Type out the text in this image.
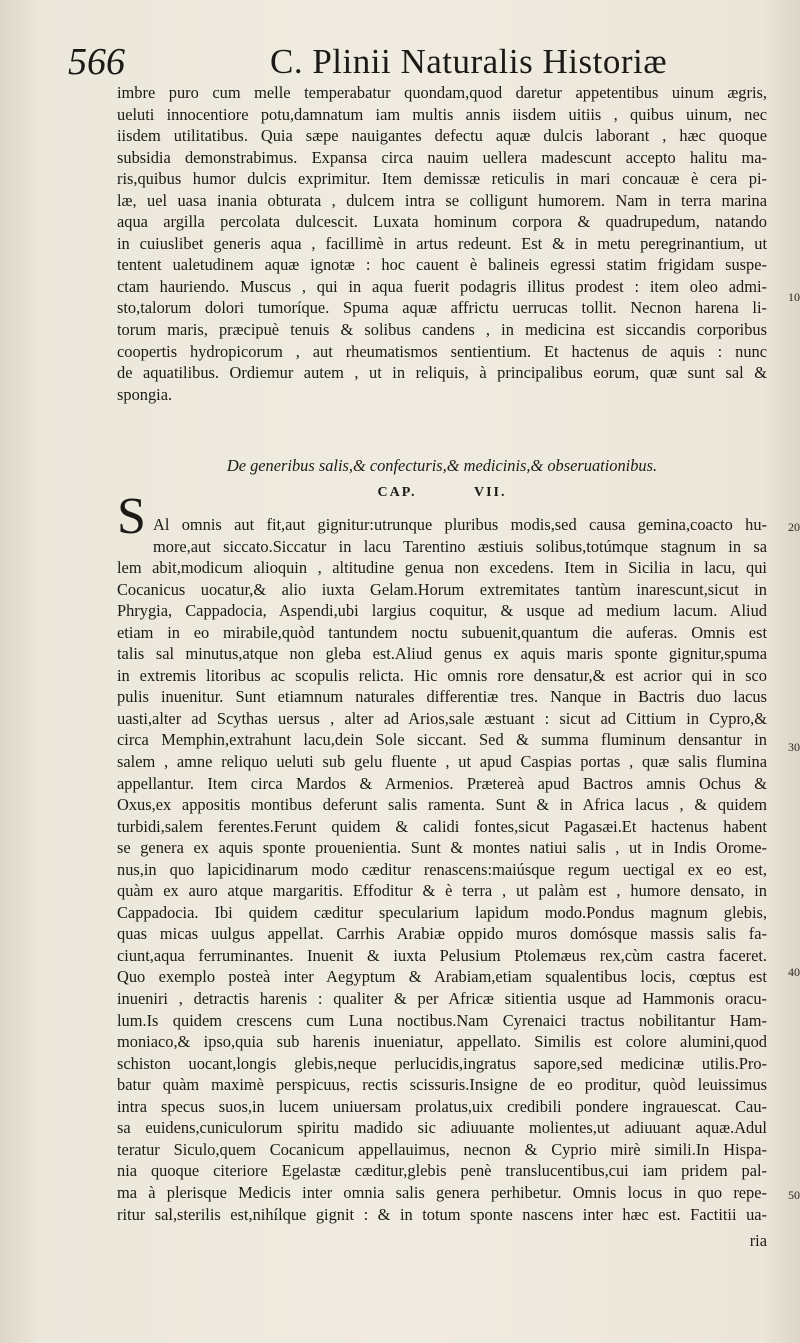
566	C. Plinii Naturalis Historiæ
imbre puro cum melle temperabatur quondam,quod daretur appetentibus uinum ægris,
ueluti innocentiore potu,damnatum iam multis annis iisdem uitiis , quibus uinum, nec
iisdem utilitatibus. Quia sæpe nauigantes defectu aquæ dulcis laborant , hæc quoque
subsidia demonstrabimus. Expansa circa nauim uellera madescunt accepto halitu ma-
ris,quibus humor dulcis exprimitur. Item demissæ reticulis in mari concauæ è cera pi-
læ, uel uasa inania obturata , dulcem intra se colligunt humorem. Nam in terra marina
aqua argilla percolata dulcescit. Luxata hominum corpora & quadrupedum, natando
in cuiuslibet generis aqua , facillimè in artus redeunt. Est & in metu peregrinantium, ut
tentent ualetudinem aquæ ignotæ : hoc cauent è balineis egressi statim frigidam suspe-
ctam hauriendo. Muscus , qui in aqua fuerit podagris illitus prodest : item oleo admi-
sto,talorum dolori tumoríque. Spuma aquæ affrictu uerrucas tollit. Necnon harena li-
torum maris, præcipuè tenuis & solibus candens , in medicina est siccandis corporibus
coopertis hydropicorum , aut rheumatismos sentientium. Et hactenus de aquis : nunc
de aquatilibus. Ordiemur autem , ut in reliquis, à principalibus eorum, quæ sunt sal &
spongia.
De generibus salis,& confecturis,& medicinis,& obseruationibus.
CAP.	VII.
S Al omnis aut fit,aut gignitur:utrunque pluribus modis,sed causa gemina,coacto hu-
more,aut siccato.Siccatur in lacu Tarentino æstiuis solibus,totúmque stagnum in sa
lem abit,modicum alioquin , altitudine genua non excedens. Item in Sicilia in lacu, qui
Cocanicus uocatur,& alio iuxta Gelam.Horum extremitates tantùm inarescunt,sicut in
Phrygia, Cappadocia, Aspendi,ubi largius coquitur, & usque ad medium lacum. Aliud
etiam in eo mirabile,quòd tantundem noctu subuenit,quantum die auferas. Omnis est
talis sal minutus,atque non gleba est.Aliud genus ex aquis maris sponte gignitur,spuma
in extremis litoribus ac scopulis relicta. Hic omnis rore densatur,& est acrior qui in sco
pulis inuenitur. Sunt etiamnum naturales differentiæ tres. Nanque in Bactris duo lacus
uasti,alter ad Scythas uersus , alter ad Arios,sale æstuant : sicut ad Cittium in Cypro,&
circa Memphin,extrahunt lacu,dein Sole siccant. Sed & summa fluminum densantur in
salem , amne reliquo ueluti sub gelu fluente , ut apud Caspias portas , quæ salis flumina
appellantur. Item circa Mardos & Armenios. Prætereà apud Bactros amnis Ochus &
Oxus,ex appositis montibus deferunt salis ramenta. Sunt & in Africa lacus , & quidem
turbidi,salem ferentes.Ferunt quidem & calidi fontes,sicut Pagasæi.Et hactenus habent
se genera ex aquis sponte prouenientia. Sunt & montes natiui salis , ut in Indis Orome-
nus,in quo lapicidinarum modo cæditur renascens:maiúsque regum uectigal ex eo est,
quàm ex auro atque margaritis. Effoditur & è terra , ut palàm est , humore densato, in
Cappadocia. Ibi quidem cæditur specularium lapidum modo.Pondus magnum glebis,
quas micas uulgus appellat. Carrhis Arabiæ oppido muros domósque massis salis fa-
ciunt,aqua ferruminantes. Inuenit & iuxta Pelusium Ptolemæus rex,cùm castra faceret.
Quo exemplo posteà inter Aegyptum & Arabiam,etiam squalentibus locis, cœptus est
inueniri , detractis harenis : qualiter & per Africæ sitientia usque ad Hammonis oracu-
lum.Is quidem crescens cum Luna noctibus.Nam Cyrenaici tractus nobilitantur Ham-
moniaco,& ipso,quia sub harenis inueniatur, appellato. Similis est colore alumini,quod
schiston uocant,longis glebis,neque perlucidis,ingratus sapore,sed medicinæ utilis.Pro-
batur quàm maximè perspicuus, rectis scissuris.Insigne de eo proditur, quòd leuissimus
intra specus suos,in lucem uniuersam prolatus,uix credibili pondere ingrauescat. Cau-
sa euidens,cuniculorum spiritu madido sic adiuuante molientes,ut adiuuant aquæ.Adul
teratur Siculo,quem Cocanicum appellauimus, necnon & Cyprio mirè simili.In Hispa-
nia quoque citeriore Egelastæ cæditur,glebis penè translucentibus,cui iam pridem pal-
ma à plerisque Medicis inter omnia salis genera perhibetur. Omnis locus in quo repe-
ritur sal,sterilis est,nihílque gignit : & in totum sponte nascens inter hæc est. Factitii ua-
10
20
30
40
50
ria
